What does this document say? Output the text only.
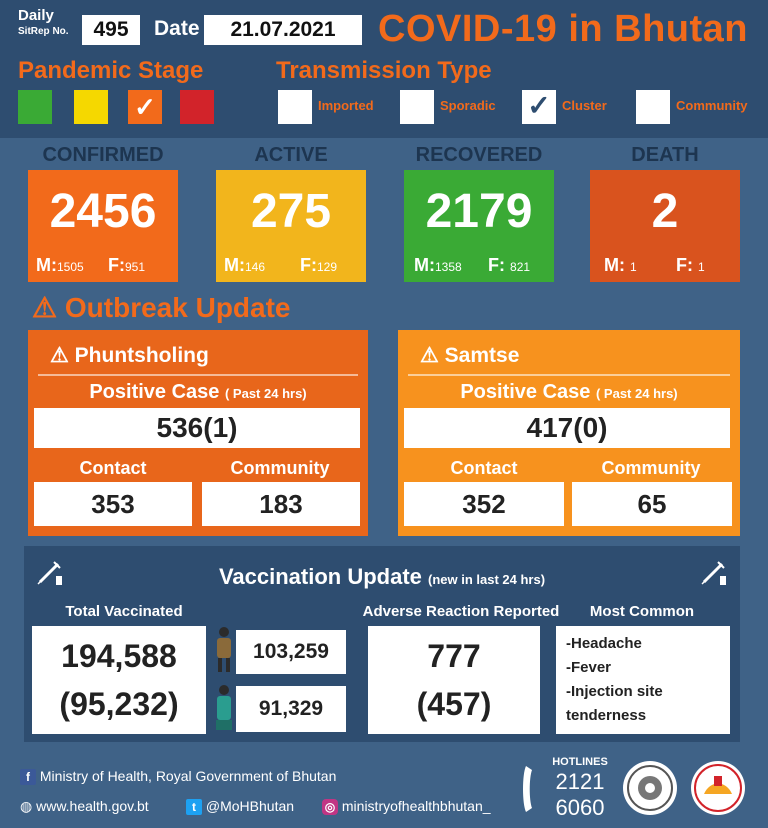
Daily
SitRep No.	495	Date	21.07.2021	COVID-19 in Bhutan
Pandemic Stage	Transmission Type
✓	Imported	Sporadic ✓ Cluster	Community
CONFIRMED	ACTIVE	RECOVERED	DEATH
2456
M:1505 F:951
275
M:146 F:129
2179
M:1358 F: 821
2
M: 1 F: 1
⚠ Outbreak Update
⚠ Phuntsholing
Positive Case ( Past 24 hrs)
536(1)
Contact	Community
353	183
⚠ Samtse
Positive Case ( Past 24 hrs)
417(0)
Contact	Community
352	65
Vaccination Update (new in last 24 hrs)
Total Vaccinated	Adverse Reaction Reported	Most Common
194,588
(95,232)
103,259
91,329
777
(457)
-Headache
-Fever
-Injection site
tenderness
f Ministry of Health, Royal Government of Bhutan
◍ www.health.gov.bt	t @MoHBhutan	◎ ministryofhealthbhutan_
HOTLINES
2121
6060
